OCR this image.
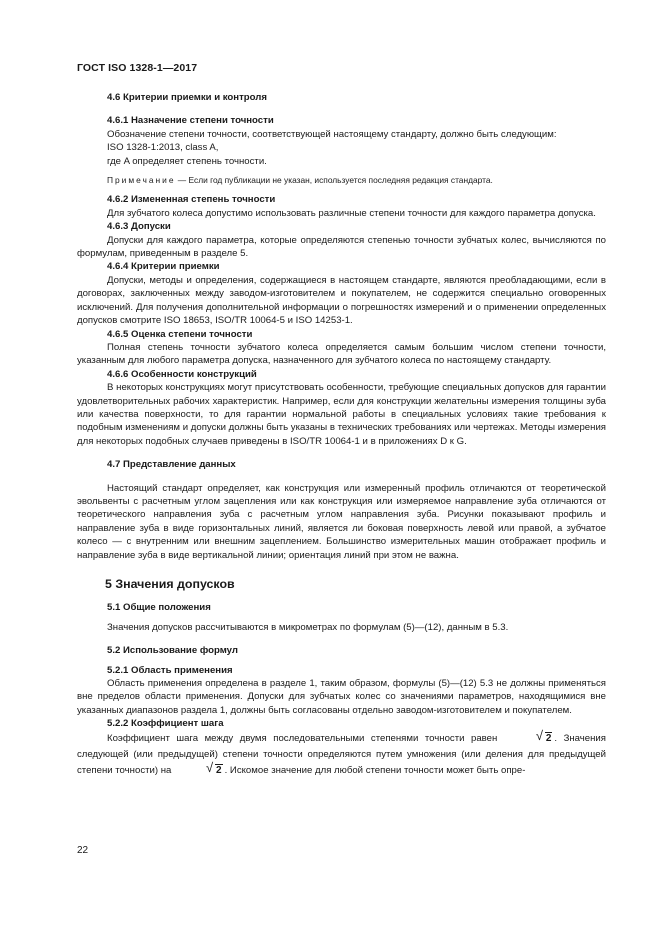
ГОСТ ISO 1328-1—2017

4.6 Критерии приемки и контроля

4.6.1 Назначение степени точности

Обозначение степени точности, соответствующей настоящему стандарту, должно быть следующим:

ISO 1328-1:2013, class A,

где A определяет степень точности.

Примечание — Если год публикации не указан, используется последняя редакция стандарта.

4.6.2 Измененная степень точности

Для зубчатого колеса допустимо использовать различные степени точности для каждого параметра допуска.

4.6.3 Допуски

Допуски для каждого параметра, которые определяются степенью точности зубчатых колес, вычисляются по формулам, приведенным в разделе 5.

4.6.4 Критерии приемки

Допуски, методы и определения, содержащиеся в настоящем стандарте, являются преобладающими, если в договорах, заключенных между заводом-изготовителем и покупателем, не содержится специально оговоренных исключений. Для получения дополнительной информации о погрешностях измерений и о применении определенных допусков смотрите ISO 18653, ISO/TR 10064-5 и ISO 14253-1.

4.6.5 Оценка степени точности

Полная степень точности зубчатого колеса определяется самым большим числом степени точности, указанным для любого параметра допуска, назначенного для зубчатого колеса по настоящему стандарту.

4.6.6 Особенности конструкций

В некоторых конструкциях могут присутствовать особенности, требующие специальных допусков для гарантии удовлетворительных рабочих характеристик. Например, если для конструкции желательны измерения толщины зуба или качества поверхности, то для гарантии нормальной работы в специальных условиях такие требования к подобным изменениям и допуски должны быть указаны в технических требованиях или чертежах. Методы измерения для некоторых подобных случаев приведены в ISO/TR 10064-1 и в приложениях D к G.

4.7 Представление данных

Настоящий стандарт определяет, как конструкция или измеренный профиль отличаются от теоретической эвольвенты с расчетным углом зацепления или как конструкция или измеряемое направление зуба отличаются от теоретического направления зуба с расчетным углом направления зуба. Рисунки показывают профиль и направление зуба в виде горизонтальных линий, является ли боковая поверхность левой или правой, а зубчатое колесо — с внутренним или внешним зацеплением. Большинство измерительных машин отображает профиль и направление зуба в виде вертикальной линии; ориентация линий при этом не важна.

5 Значения допусков

5.1 Общие положения

Значения допусков рассчитываются в микрометрах по формулам (5)—(12), данным в 5.3.

5.2 Использование формул

5.2.1 Область применения

Область применения определена в разделе 1, таким образом, формулы (5)—(12) 5.3 не должны применяться вне пределов области применения. Допуски для зубчатых колес со значениями параметров, находящимися вне указанных диапазонов раздела 1, должны быть согласованы отдельно заводом-изготовителем и покупателем.

5.2.2 Коэффициент шага

Коэффициент шага между двумя последовательными степенями точности равен	√ 2 . Значения следующей (или предыдущей) степени точности определяются путем умножения (или деления для предыдущей степени точности) на	√ 2 . Искомое значение для любой степени точности может быть опре-

22
